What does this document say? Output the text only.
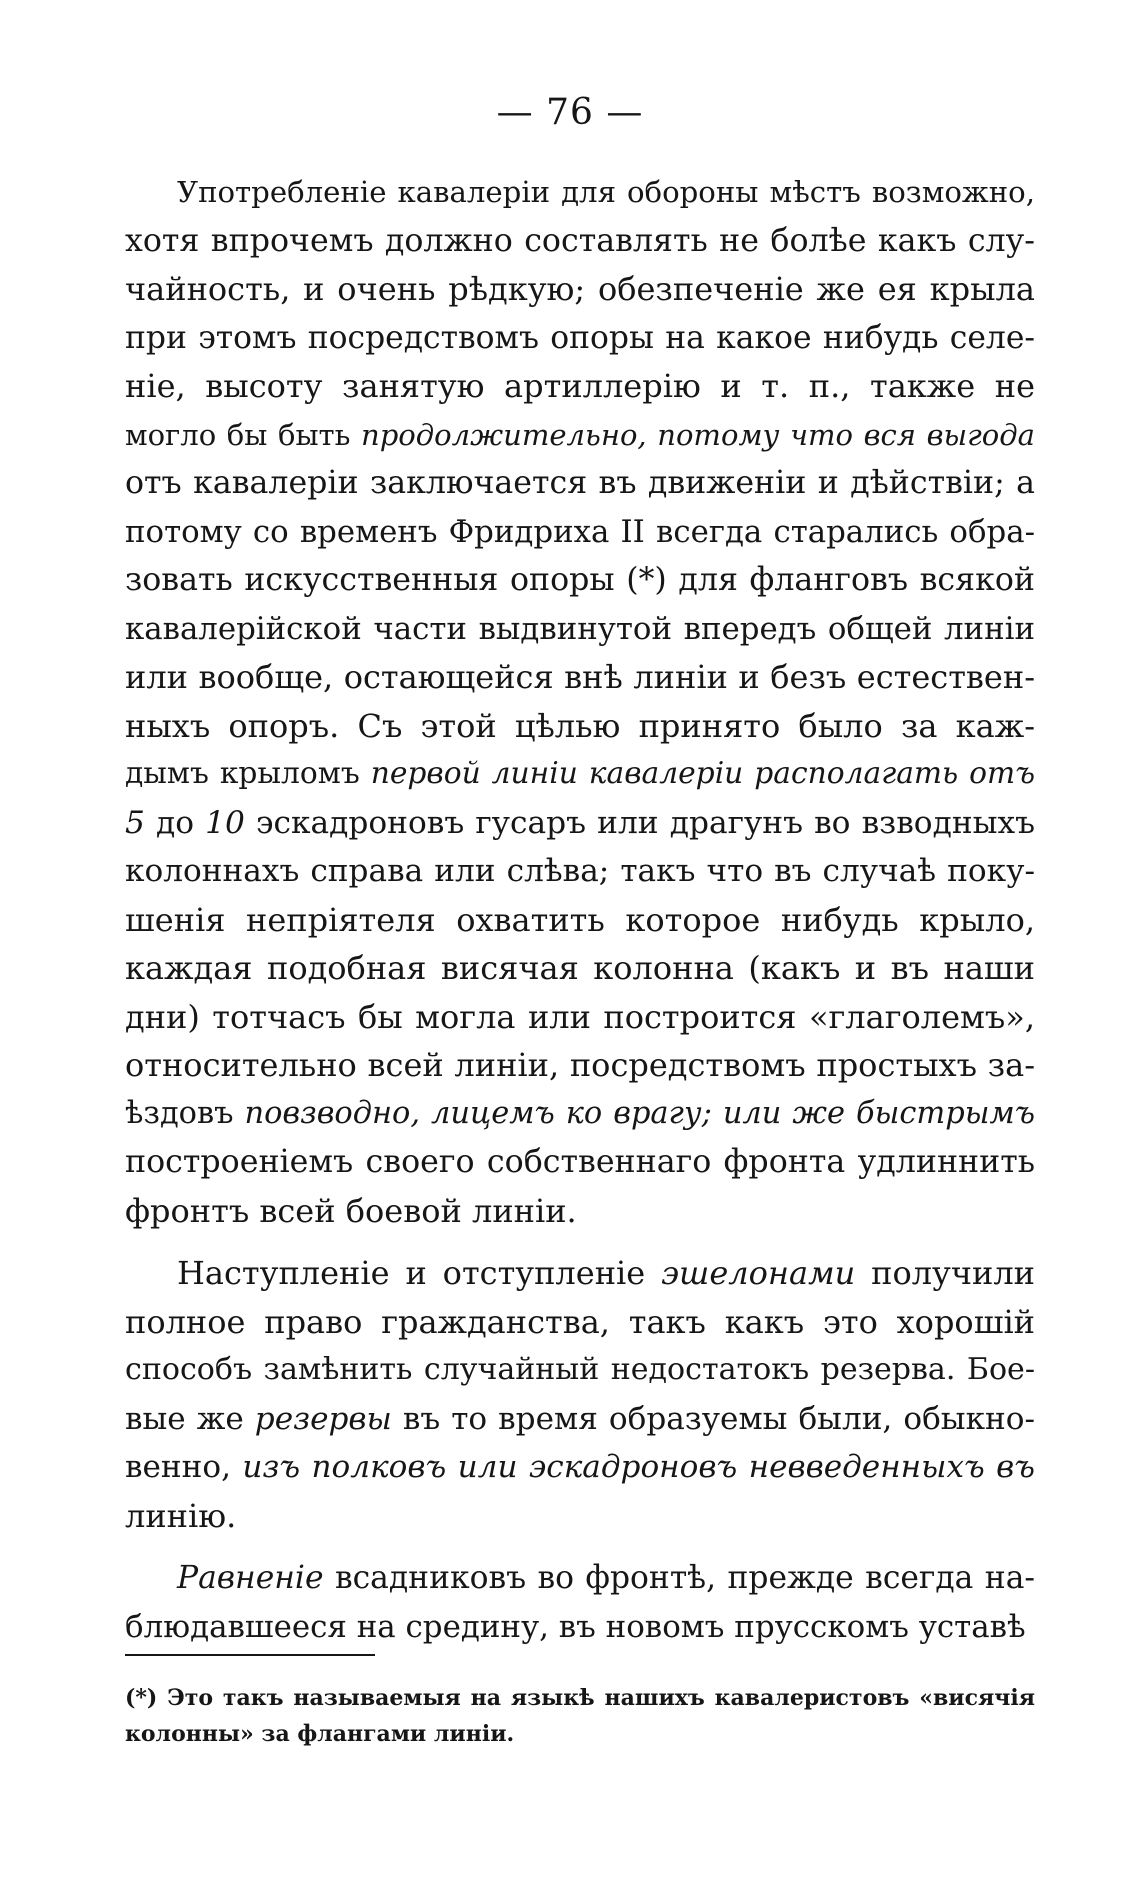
— 76 —
Употребленіе кавалеріи для обороны мѣстъ возможно,
хотя впрочемъ должно составлять не болѣе какъ слу-
чайность, и очень рѣдкую; обезпеченіе же ея крыла
при этомъ посредствомъ опоры на какое нибудь селе-
ніе, высоту занятую артиллерію и т. п., также не
могло бы быть продолжительно, потому что вся выгода
отъ кавалеріи заключается въ движеніи и дѣйствіи; а
потому со временъ Фридриха II всегда старались обра-
зовать искусственныя опоры (*) для фланговъ всякой
кавалерійской части выдвинутой впередъ общей линіи
или вообще, остающейся внѣ линіи и безъ естествен-
ныхъ опоръ. Съ этой цѣлью принято было за каж-
дымъ крыломъ первой линіи кавалеріи располагать отъ
5 до 10 эскадроновъ гусаръ или драгунъ во взводныхъ
колоннахъ справа или слѣва; такъ что въ случаѣ поку-
шенія непріятеля охватить которое нибудь крыло,
каждая подобная висячая колонна (какъ и въ наши
дни) тотчасъ бы могла или построится «глаголемъ»,
относительно всей линіи, посредствомъ простыхъ за-
ѣздовъ повзводно, лицемъ ко врагу; или же быстрымъ
построеніемъ своего собственнаго фронта удлиннить
фронтъ всей боевой линіи.
Наступленіе и отступленіе эшелонами получили
полное право гражданства, такъ какъ это хорошій
способъ замѣнить случайный недостатокъ резерва. Бое-
вые же резервы въ то время образуемы были, обыкно-
венно, изъ полковъ или эскадроновъ невведенныхъ въ
линію.
Равненіе всадниковъ во фронтѣ, прежде всегда на-
блюдавшееся на средину, въ новомъ прусскомъ уставѣ
(*) Это такъ называемыя на языкѣ нашихъ кавалеристовъ «висячія
колонны» за флангами линіи.
